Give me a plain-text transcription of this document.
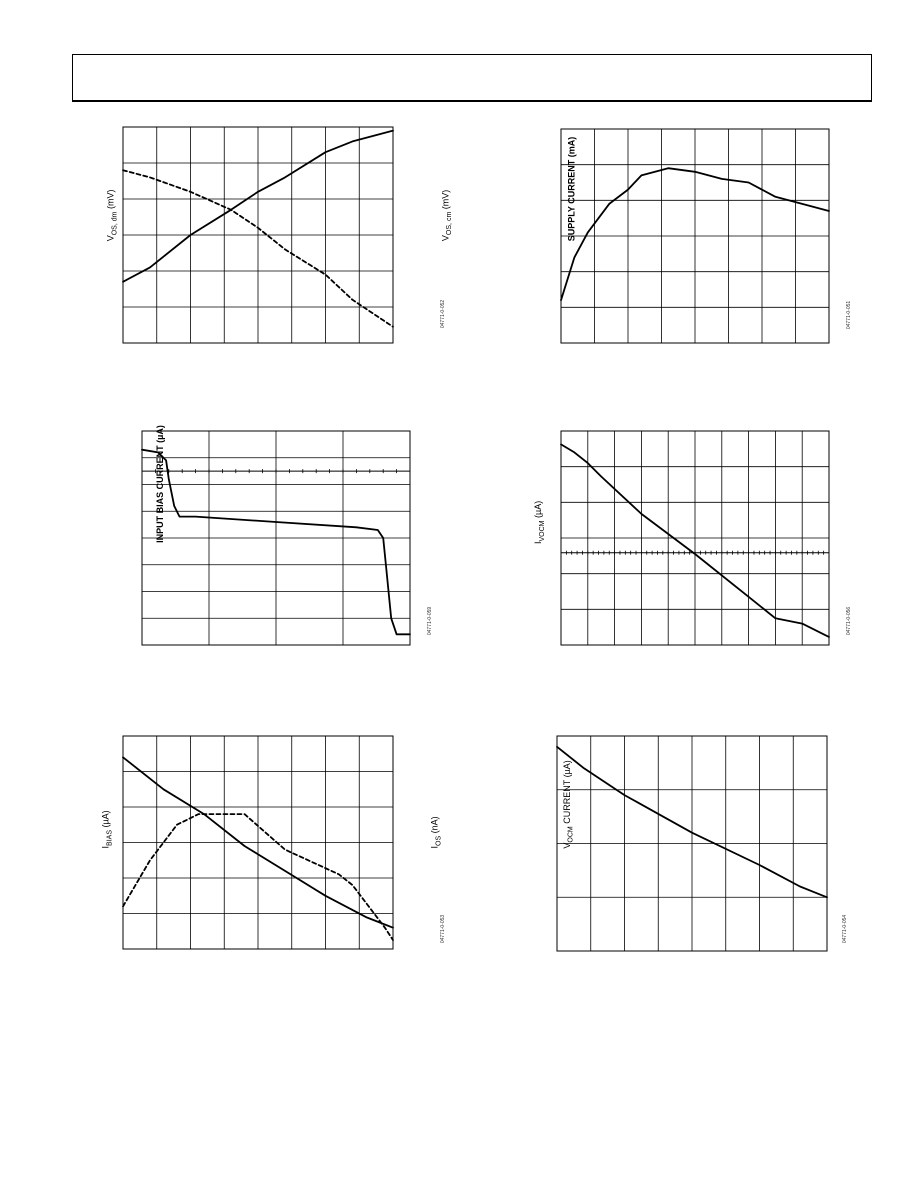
$V_{OS, dm}$ (mV)
$V_{OS, cm}$ (mV)
04771-0-052
SUPPLY CURRENT (mA)
04771-0-051
INPUT BIAS CURRENT (µA)
04771-0-059
$I_{VOCM}$ (µA)
04771-0-056
$I_{BIAS}$ (µA)
$I_{OS}$ (nA)
04771-0-053
$V_{OCM}$ CURRENT (µA)
04771-0-054
